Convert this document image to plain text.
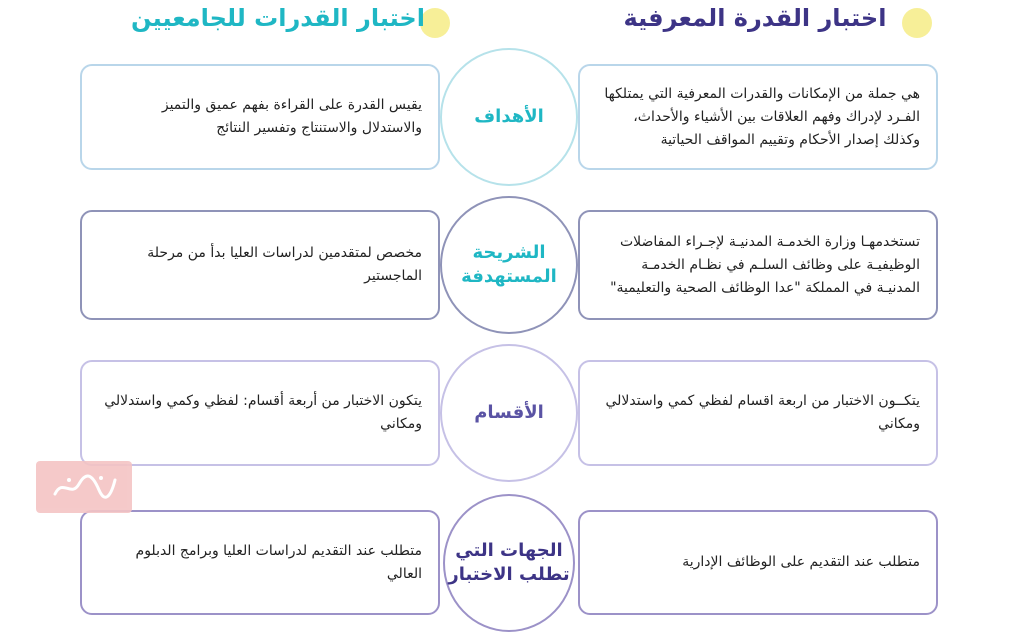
اختبار القدرات للجامعيين	اختبار القدرة المعرفية
يقيس القدرة على القراءة بفهم عميق والتميز والاستدلال والاستنتاج وتفسير النتائج
الأهداف
هي جملة من الإمكانات والقدرات المعرفية التي يمتلكها الفـرد لإدراك وفهم العلاقات بين الأشياء والأحداث، وكذلك إصدار الأحكام وتقييم المواقف الحياتية
مخصص لمتقدمين لدراسات العليا بدأ من مرحلة الماجستير
الشريحة المستهدفة
تستخدمهـا وزارة الخدمـة المدنيـة لإجـراء المفاضلات الوظيفيـة على وظائف السلـم في نظـام الخدمـة المدنيـة في المملكة "عدا الوظائف الصحية والتعليمية"
يتكون الاختبار من أربعة أقسام: لفظي وكمي واستدلالي ومكاني
الأقسام
يتكــون الاختبار من اربعة اقسام لفظي كمي واستدلالي ومكاني
متطلب عند التقديم لدراسات العليا وبرامج الدبلوم العالي
الجهات التي تطلب الاختبار
متطلب عند التقديم على الوظائف الإدارية
